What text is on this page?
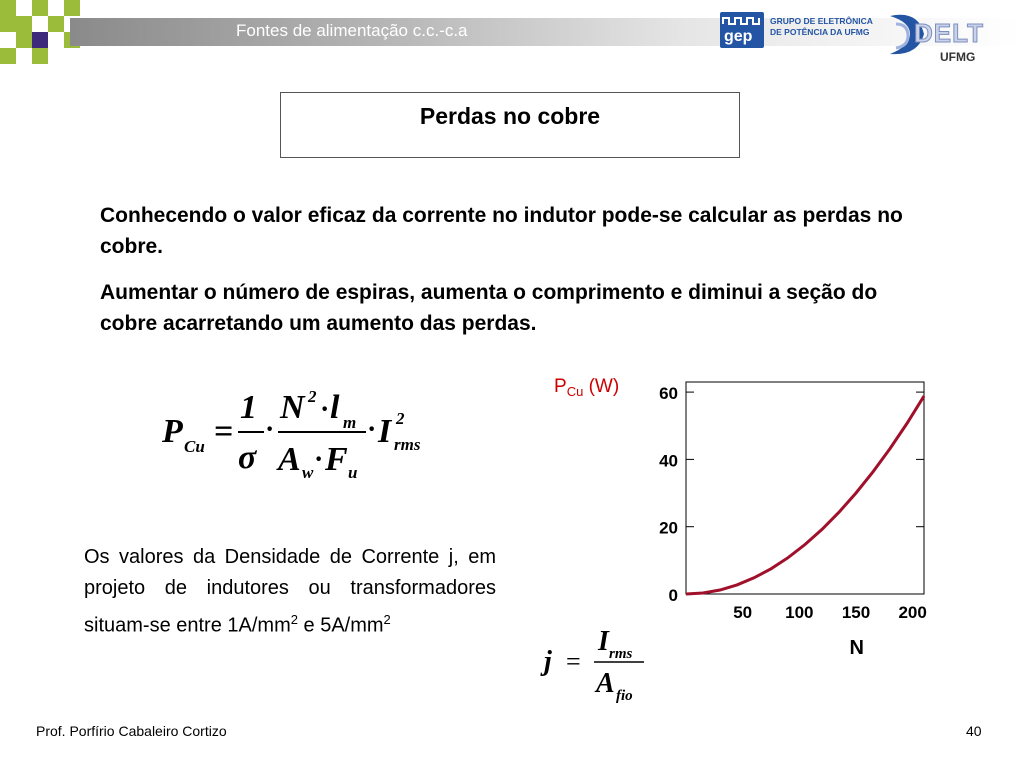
Fontes de alimentação c.c.-c.a	gep
GRUPO DE ELETRÔNICA
DE POTÊNCIA DA UFMG DELT
UFMG
Perdas no cobre
Conhecendo o valor eficaz da corrente no indutor pode-se calcular as perdas no cobre.
Aumentar o número de espiras, aumenta o comprimento e diminui a seção do cobre acarretando um aumento das perdas.
P Cu =
1
σ
·
N 2 · l m
A w · F u
· I 2
rms
Os valores da Densidade de Corrente j, em projeto de indutores ou transformadores situam-se entre $1A/mm^2$ e $5A/mm^2$
$P_{Cu}$ (W)
0
20
40
60
50 100 150 200
N
j =
I rms
A fio
Prof. Porfírio Cabaleiro Cortizo	40
